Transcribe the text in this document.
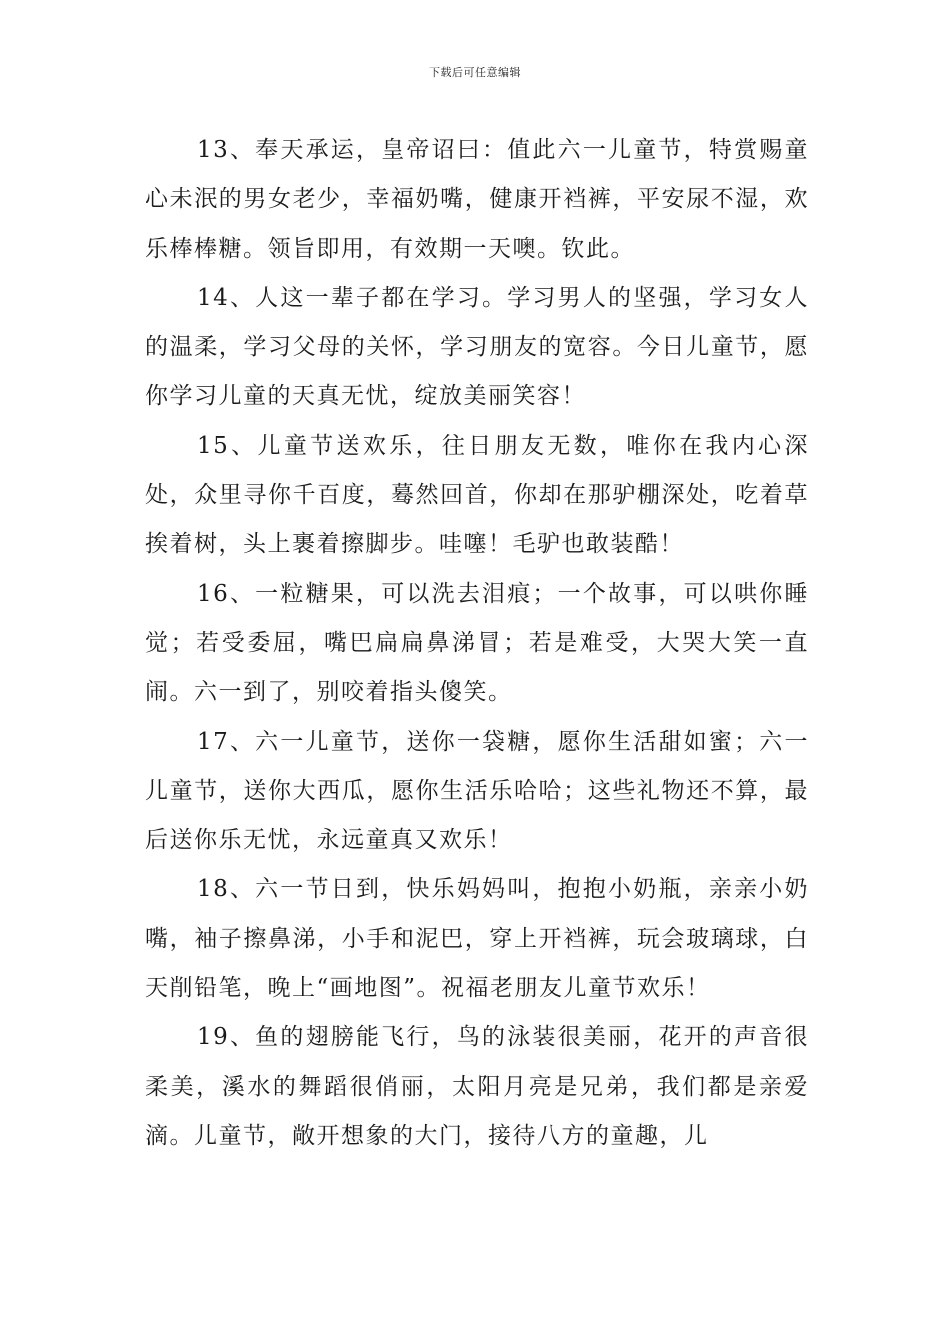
下载后可任意编辑

13、奉天承运，皇帝诏曰：值此六一儿童节，特赏赐童心未泯的男女老少，幸福奶嘴，健康开裆裤，平安尿不湿，欢乐棒棒糖。领旨即用，有效期一天噢。钦此。

14、人这一辈子都在学习。学习男人的坚强，学习女人的温柔，学习父母的关怀，学习朋友的宽容。今日儿童节，愿你学习儿童的天真无忧，绽放美丽笑容！

15、儿童节送欢乐，往日朋友无数，唯你在我内心深处，众里寻你千百度，蓦然回首，你却在那驴棚深处，吃着草挨着树，头上裹着擦脚步。哇噻！毛驴也敢装酷！

16、一粒糖果，可以洗去泪痕；一个故事，可以哄你睡觉；若受委屈，嘴巴扁扁鼻涕冒；若是难受，大哭大笑一直闹。六一到了，别咬着指头傻笑。

17、六一儿童节，送你一袋糖，愿你生活甜如蜜；六一儿童节，送你大西瓜，愿你生活乐哈哈；这些礼物还不算，最后送你乐无忧，永远童真又欢乐！

18、六一节日到，快乐妈妈叫，抱抱小奶瓶，亲亲小奶嘴，袖子擦鼻涕，小手和泥巴，穿上开裆裤，玩会玻璃球，白天削铅笔，晚上“画地图”。祝福老朋友儿童节欢乐！

19、鱼的翅膀能飞行，鸟的泳装很美丽，花开的声音很柔美，溪水的舞蹈很俏丽，太阳月亮是兄弟，我们都是亲爱滴。儿童节，敞开想象的大门，接待八方的童趣，儿
